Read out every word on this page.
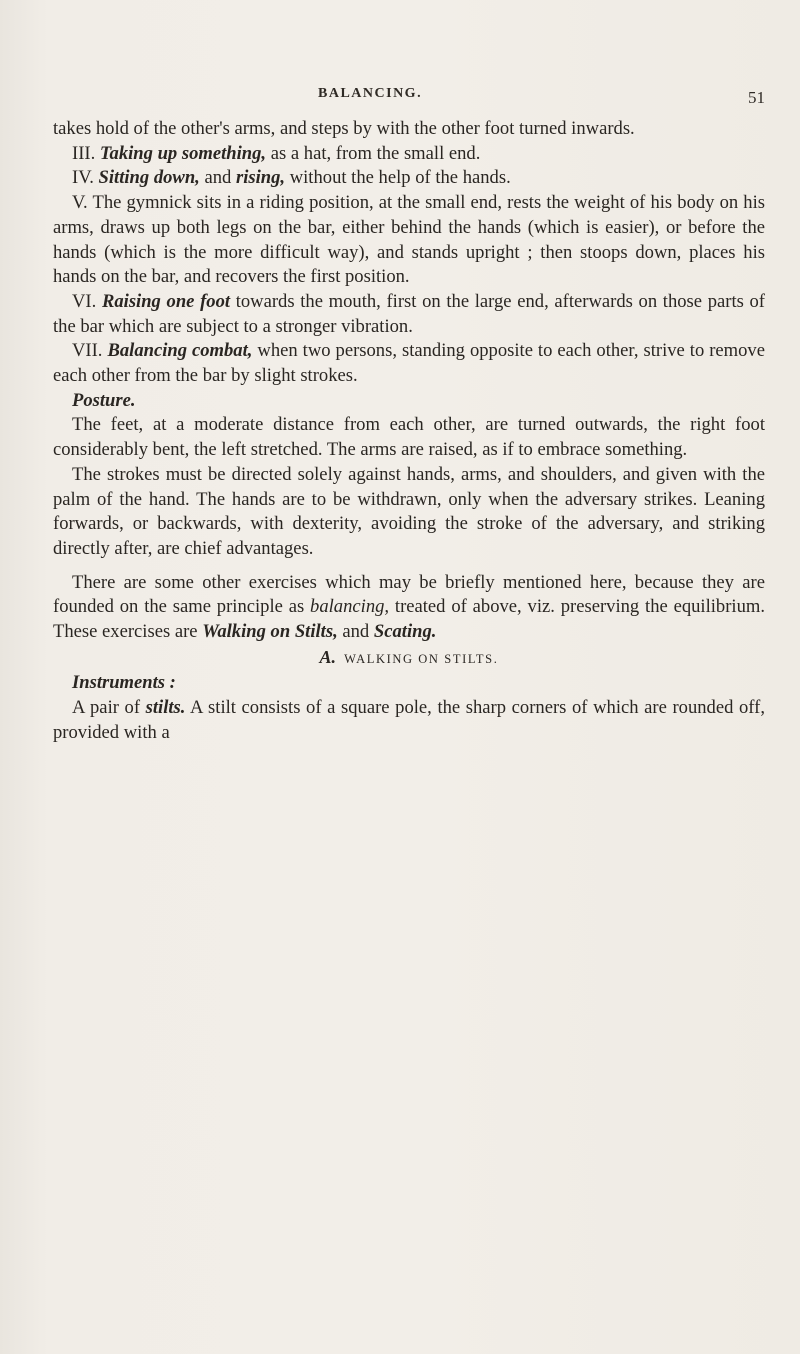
BALANCING.	51

takes hold of the other's arms, and steps by with the other foot turned inwards.

III. Taking up something, as a hat, from the small end.

IV. Sitting down, and rising, without the help of the hands.

V. The gymnick sits in a riding position, at the small end, rests the weight of his body on his arms, draws up both legs on the bar, either behind the hands (which is easier), or before the hands (which is the more difficult way), and stands upright ; then stoops down, places his hands on the bar, and recovers the first position.

VI. Raising one foot towards the mouth, first on the large end, afterwards on those parts of the bar which are subject to a stronger vibration.

VII. Balancing combat, when two persons, standing opposite to each other, strive to remove each other from the bar by slight strokes.

Posture.

The feet, at a moderate distance from each other, are turned outwards, the right foot considerably bent, the left stretched. The arms are raised, as if to embrace something.

The strokes must be directed solely against hands, arms, and shoulders, and given with the palm of the hand. The hands are to be withdrawn, only when the adversary strikes. Leaning forwards, or backwards, with dexterity, avoiding the stroke of the adversary, and striking directly after, are chief advantages.

There are some other exercises which may be briefly mentioned here, because they are founded on the same principle as balancing, treated of above, viz. preserving the equilibrium. These exercises are Walking on Stilts, and Scating.

A. WALKING ON STILTS.

Instruments :

A pair of stilts. A stilt consists of a square pole, the sharp corners of which are rounded off, provided with a
